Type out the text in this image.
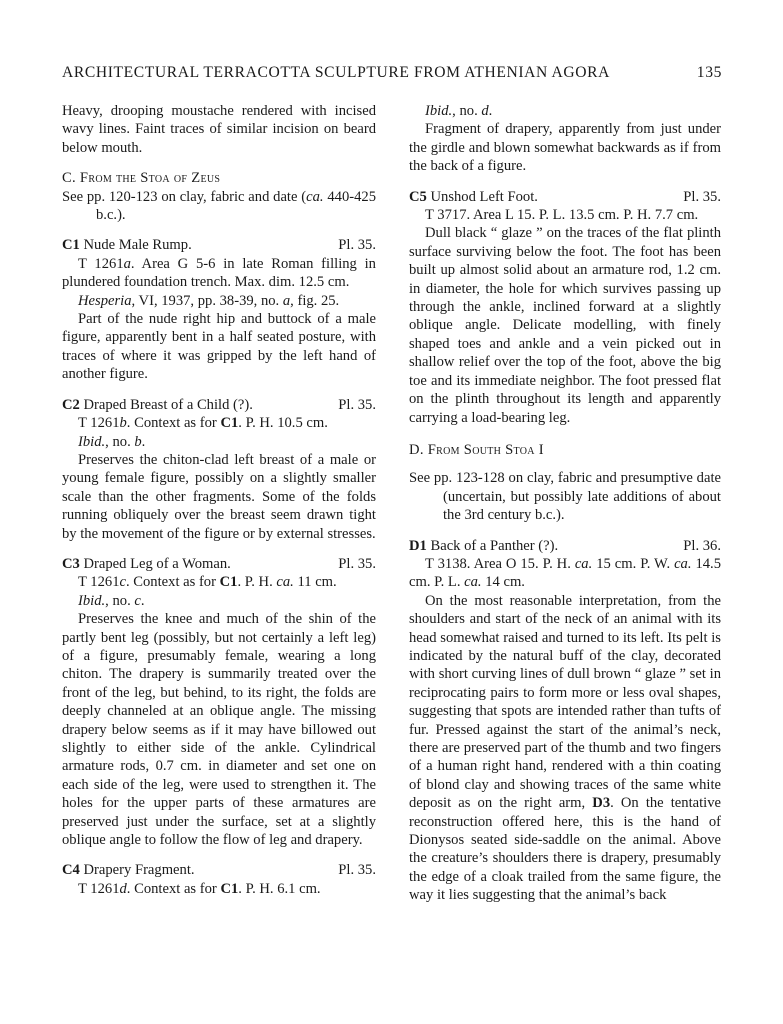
ARCHITECTURAL TERRACOTTA SCULPTURE FROM ATHENIAN AGORA	135

Heavy, drooping moustache rendered with incised wavy lines. Faint traces of similar incision on beard below mouth.

C. From the Stoa of Zeus

See pp. 120-123 on clay, fabric and date (ca. 440-425 b.c.).

C1 Nude Male Rump.	Pl. 35.

T 1261a. Area G 5-6 in late Roman filling in plundered foundation trench. Max. dim. 12.5 cm.

Hesperia, VI, 1937, pp. 38-39, no. a, fig. 25.

Part of the nude right hip and buttock of a male figure, apparently bent in a half seated posture, with traces of where it was gripped by the left hand of another figure.

C2 Draped Breast of a Child (?).	Pl. 35.

T 1261b. Context as for C1. P. H. 10.5 cm.

Ibid., no. b.

Preserves the chiton-clad left breast of a male or young female figure, possibly on a slightly smaller scale than the other fragments. Some of the folds running obliquely over the breast seem drawn tight by the movement of the figure or by external stresses.

C3 Draped Leg of a Woman.	Pl. 35.

T 1261c. Context as for C1. P. H. ca. 11 cm.

Ibid., no. c.

Preserves the knee and much of the shin of the partly bent leg (possibly, but not certainly a left leg) of a figure, presumably female, wearing a long chiton. The drapery is summarily treated over the front of the leg, but behind, to its right, the folds are deeply channeled at an oblique angle. The missing drapery below seems as if it may have billowed out slightly to either side of the ankle. Cylindrical armature rods, 0.7 cm. in diameter and set one on each side of the leg, were used to strengthen it. The holes for the upper parts of these armatures are preserved just under the surface, set at a slightly oblique angle to follow the flow of leg and drapery.

C4 Drapery Fragment.	Pl. 35.

T 1261d. Context as for C1. P. H. 6.1 cm.

Ibid., no. d.

Fragment of drapery, apparently from just under the girdle and blown somewhat backwards as if from the back of a figure.

C5 Unshod Left Foot.	Pl. 35.

T 3717. Area L 15. P. L. 13.5 cm. P. H. 7.7 cm.

Dull black “ glaze ” on the traces of the flat plinth surface surviving below the foot. The foot has been built up almost solid about an armature rod, 1.2 cm. in diameter, the hole for which survives passing up through the ankle, inclined forward at a slightly oblique angle. Delicate modelling, with finely shaped toes and ankle and a vein picked out in shallow relief over the top of the foot, above the big toe and its immediate neighbor. The foot pressed flat on the plinth throughout its length and apparently carrying a load-bearing leg.

D. From South Stoa I

See pp. 123-128 on clay, fabric and presumptive date (uncertain, but possibly late additions of about the 3rd century b.c.).

D1 Back of a Panther (?).	Pl. 36.

T 3138. Area O 15. P. H. ca. 15 cm. P. W. ca. 14.5 cm. P. L. ca. 14 cm.

On the most reasonable interpretation, from the shoulders and start of the neck of an animal with its head somewhat raised and turned to its left. Its pelt is indicated by the natural buff of the clay, decorated with short curving lines of dull brown “ glaze ” set in reciprocating pairs to form more or less oval shapes, suggesting that spots are intended rather than tufts of fur. Pressed against the start of the animal’s neck, there are preserved part of the thumb and two fingers of a human right hand, rendered with a thin coating of blond clay and showing traces of the same white deposit as on the right arm, D3. On the tentative reconstruction offered here, this is the hand of Dionysos seated side-saddle on the animal. Above the creature’s shoulders there is drapery, presumably the edge of a cloak trailed from the same figure, the way it lies suggesting that the animal’s back
